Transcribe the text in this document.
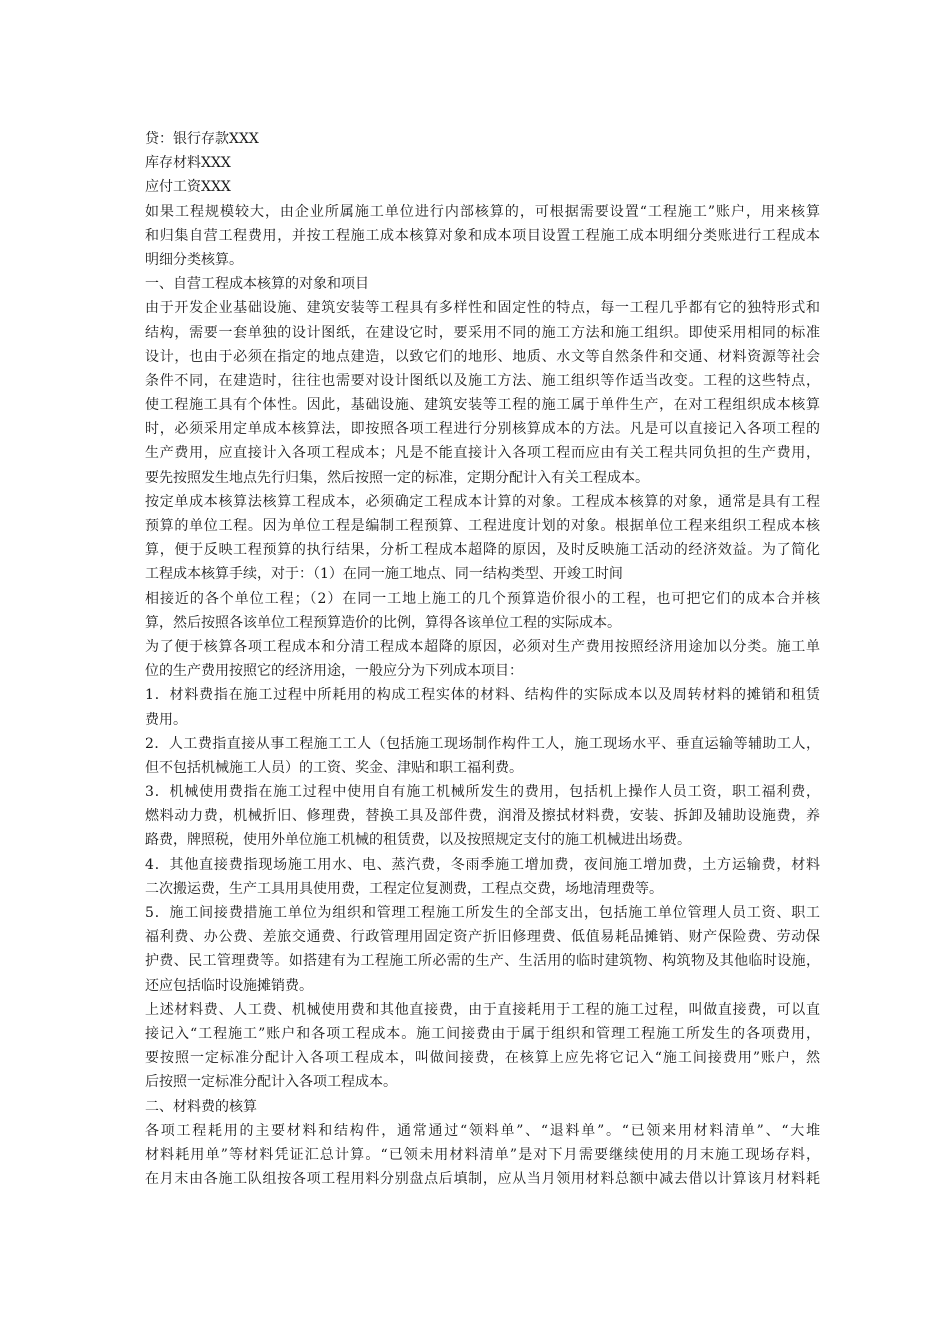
贷：银行存款XXX
库存材料XXX
应付工资XXX
如果工程规模较大，由企业所属施工单位进行内部核算的，可根据需要设置“工程施工”账户，用来核算
和归集自营工程费用，并按工程施工成本核算对象和成本项目设置工程施工成本明细分类账进行工程成本
明细分类核算。
一、自营工程成本核算的对象和项目
由于开发企业基础设施、建筑安装等工程具有多样性和固定性的特点，每一工程几乎都有它的独特形式和
结构，需要一套单独的设计图纸，在建设它时，要采用不同的施工方法和施工组织。即使采用相同的标准
设计，也由于必须在指定的地点建造，以致它们的地形、地质、水文等自然条件和交通、材料资源等社会
条件不同，在建造时，往往也需要对设计图纸以及施工方法、施工组织等作适当改变。工程的这些特点，
使工程施工具有个体性。因此，基础设施、建筑安装等工程的施工属于单件生产，在对工程组织成本核算
时，必须采用定单成本核算法，即按照各项工程进行分别核算成本的方法。凡是可以直接记入各项工程的
生产费用，应直接计入各项工程成本；凡是不能直接计入各项工程而应由有关工程共同负担的生产费用，
要先按照发生地点先行归集，然后按照一定的标准，定期分配计入有关工程成本。
按定单成本核算法核算工程成本，必须确定工程成本计算的对象。工程成本核算的对象，通常是具有工程
预算的单位工程。因为单位工程是编制工程预算、工程进度计划的对象。根据单位工程来组织工程成本核
算，便于反映工程预算的执行结果，分析工程成本超降的原因，及时反映施工活动的经济效益。为了简化
工程成本核算手续，对于：（1）在同一施工地点、同一结构类型、开竣工时间
相接近的各个单位工程；（2）在同一工地上施工的几个预算造价很小的工程，也可把它们的成本合并核
算，然后按照各该单位工程预算造价的比例，算得各该单位工程的实际成本。
为了便于核算各项工程成本和分清工程成本超降的原因，必须对生产费用按照经济用途加以分类。施工单
位的生产费用按照它的经济用途，一般应分为下列成本项目：
1．材料费指在施工过程中所耗用的构成工程实体的材料、结构件的实际成本以及周转材料的摊销和租赁
费用。
2．人工费指直接从事工程施工工人（包括施工现场制作构件工人，施工现场水平、垂直运输等辅助工人，
但不包括机械施工人员）的工资、奖金、津贴和职工福利费。
3．机械使用费指在施工过程中使用自有施工机械所发生的费用，包括机上操作人员工资，职工福利费，
燃料动力费，机械折旧、修理费，替换工具及部件费，润滑及擦拭材料费，安装、拆卸及辅助设施费，养
路费，牌照税，使用外单位施工机械的租赁费，以及按照规定支付的施工机械进出场费。
4．其他直接费指现场施工用水、电、蒸汽费，冬雨季施工增加费，夜间施工增加费，土方运输费，材料
二次搬运费，生产工具用具使用费，工程定位复测费，工程点交费，场地清理费等。
5．施工间接费措施工单位为组织和管理工程施工所发生的全部支出，包括施工单位管理人员工资、职工
福利费、办公费、差旅交通费、行政管理用固定资产折旧修理费、低值易耗品摊销、财产保险费、劳动保
护费、民工管理费等。如搭建有为工程施工所必需的生产、生活用的临时建筑物、构筑物及其他临时设施，
还应包括临时设施摊销费。
上述材料费、人工费、机械使用费和其他直接费，由于直接耗用于工程的施工过程，叫做直接费，可以直
接记入“工程施工”账户和各项工程成本。施工间接费由于属于组织和管理工程施工所发生的各项费用，
要按照一定标准分配计入各项工程成本，叫做间接费，在核算上应先将它记入“施工间接费用”账户，然
后按照一定标准分配计入各项工程成本。
二、材料费的核算
各项工程耗用的主要材料和结构件，通常通过“领料单”、“退料单”。“已领来用材料清单”、“大堆
材料耗用单”等材料凭证汇总计算。“已领未用材料清单”是对下月需要继续使用的月末施工现场存料，
在月末由各施工队组按各项工程用料分别盘点后填制，应从当月领用材料总额中减去借以计算该月材料耗
